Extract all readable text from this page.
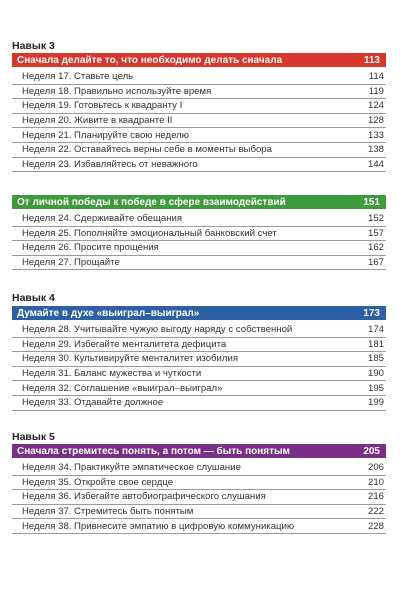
Навык 3
Сначала делайте то, что необходимо делать сначала	113
Неделя 17. Ставьте цель	114
Неделя 18. Правильно используйте время	119
Неделя 19. Готовьтесь к квадранту I	124
Неделя 20. Живите в квадранте II	128
Неделя 21. Планируйте свою неделю	133
Неделя 22. Оставайтесь верны себе в моменты выбора	138
Неделя 23. Избавляйтесь от неважного	144
От личной победы к победе в сфере взаимодействий	151
Неделя 24. Сдерживайте обещания	152
Неделя 25. Пополняйте эмоциональный банковский счет	157
Неделя 26. Просите прощения	162
Неделя 27. Прощайте	167
Навык 4
Думайте в духе «выиграл–выиграл»	173
Неделя 28. Учитывайте чужую выгоду наряду с собственной	174
Неделя 29. Избегайте менталитета дефицита	181
Неделя 30. Культивируйте менталитет изобилия	185
Неделя 31. Баланс мужества и чуткости	190
Неделя 32. Соглашение «выиграл–выиграл»	195
Неделя 33. Отдавайте должное	199
Навык 5
Сначала стремитесь понять, а потом — быть понятым	205
Неделя 34. Практикуйте эмпатическое слушание	206
Неделя 35. Откройте свое сердце	210
Неделя 36. Избегайте автобиографического слушания	216
Неделя 37. Стремитесь быть понятым	222
Неделя 38. Привнесите эмпатию в цифровую коммуникацию	228
